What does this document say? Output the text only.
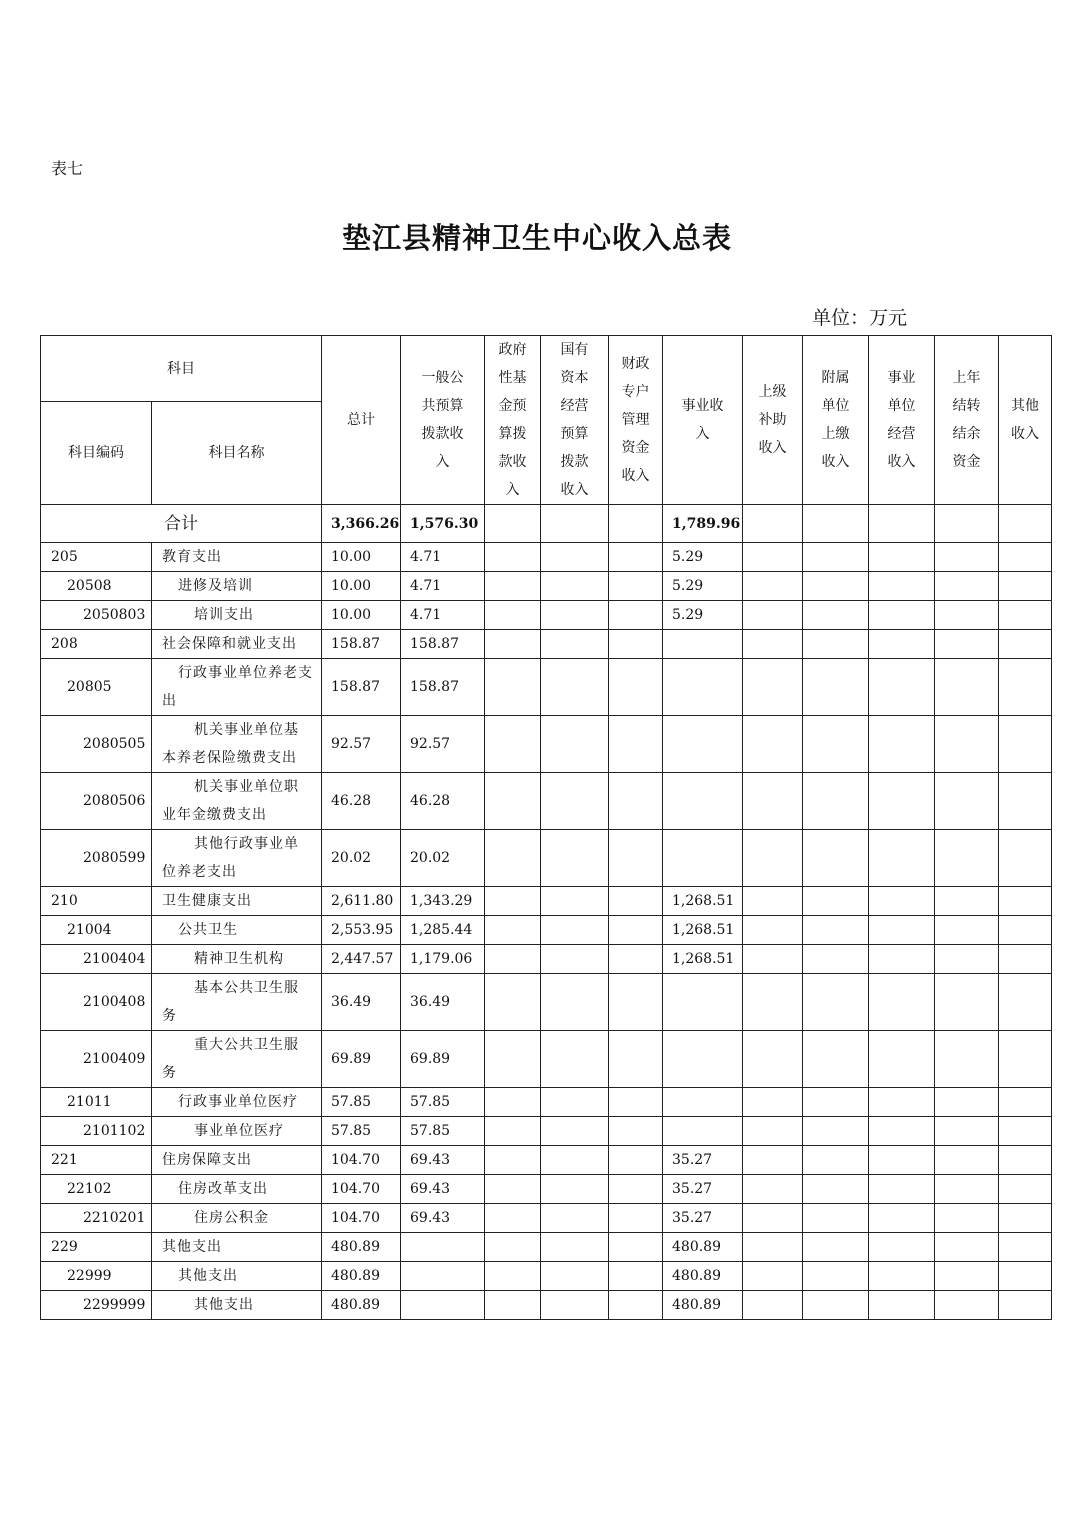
表七
垫江县精神卫生中心收入总表
单位：万元
科目		总计	一般公共预算拨款收入	政府性基金预算拨款收入	国有资本经营预算拨款收入	财政专户管理资金收入	事业收入	上级补助收入	附属单位上缴收入	事业单位经营收入	上年结转结余资金	其他收入

科目编码	科目名称											
合计		3,366.26	1,576.30				1,789.96					
205	教育支出	10.00	4.71				5.29					
20508	进修及培训	10.00	4.71				5.29					
2050803	培训支出	10.00	4.71				5.29					
208	社会保障和就业支出	158.87	158.87									
20805	行政事业单位养老支出	158.87	158.87									
2080505	机关事业单位基本养老保险缴费支出	92.57	92.57									
2080506	机关事业单位职业年金缴费支出	46.28	46.28									
2080599	其他行政事业单位养老支出	20.02	20.02									
210	卫生健康支出	2,611.80	1,343.29				1,268.51					
21004	公共卫生	2,553.95	1,285.44				1,268.51					
2100404	精神卫生机构	2,447.57	1,179.06				1,268.51					
2100408	基本公共卫生服务	36.49	36.49									
2100409	重大公共卫生服务	69.89	69.89									
21011	行政事业单位医疗	57.85	57.85									
2101102	事业单位医疗	57.85	57.85									
221	住房保障支出	104.70	69.43				35.27					
22102	住房改革支出	104.70	69.43				35.27					
2210201	住房公积金	104.70	69.43				35.27					
229	其他支出	480.89					480.89					
22999	其他支出	480.89					480.89					
2299999	其他支出	480.89					480.89					
